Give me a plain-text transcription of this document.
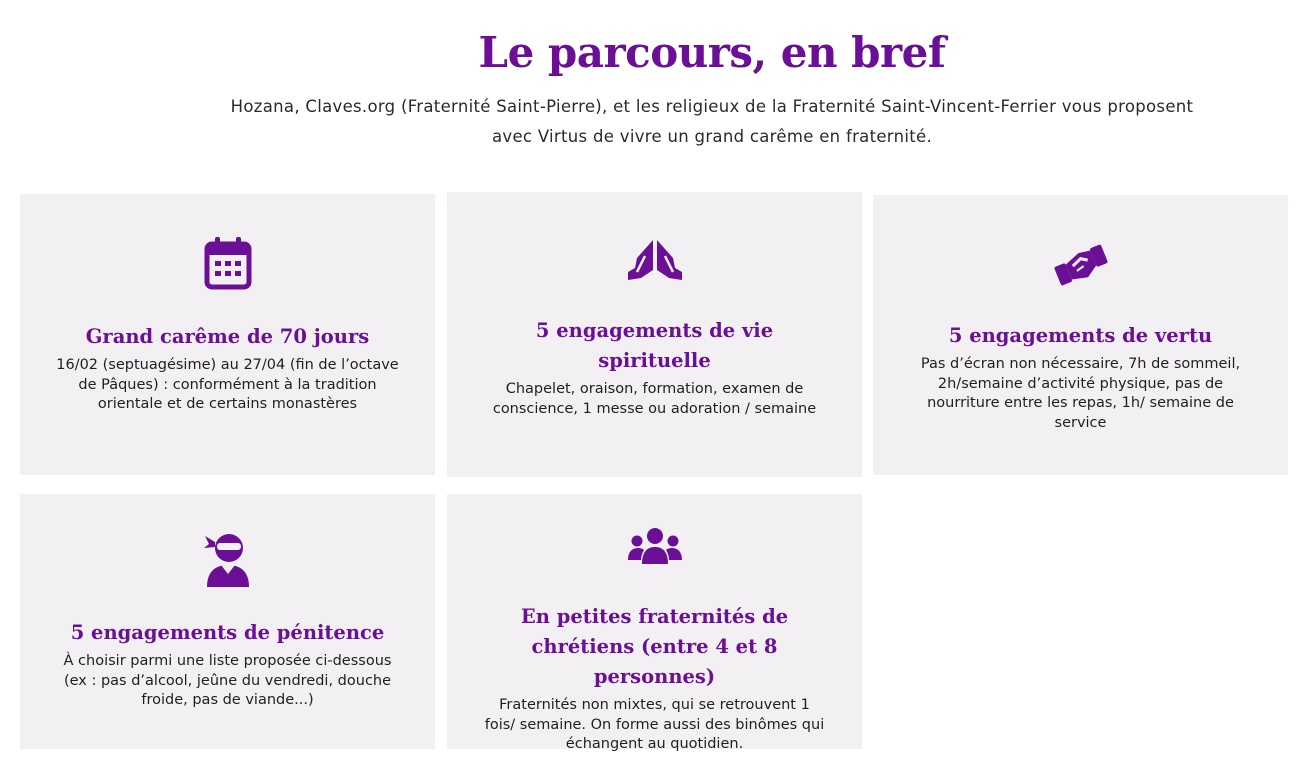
Le parcours, en bref

Hozana, Claves.org (Fraternité Saint-Pierre), et les religieux de la Fraternité Saint-Vincent-Ferrier vous proposent
avec Virtus de vivre un grand carême en fraternité.

Grand carême de 70 jours

16/02 (septuagésime) au 27/04 (fin de l’octave de Pâques) : conformément à la tradition orientale et de certains monastères

5 engagements de vie spirituelle

Chapelet, oraison, formation, examen de conscience, 1 messe ou adoration / semaine

5 engagements de vertu

Pas d’écran non nécessaire, 7h de sommeil, 2h/semaine d’activité physique, pas de nourriture entre les repas, 1h/ semaine de service

5 engagements de pénitence

À choisir parmi une liste proposée ci-dessous (ex : pas d’alcool, jeûne du vendredi, douche froide, pas de viande...)

En petites fraternités de chrétiens (entre 4 et 8 personnes)

Fraternités non mixtes, qui se retrouvent 1 fois/ semaine. On forme aussi des binômes qui échangent au quotidien.
